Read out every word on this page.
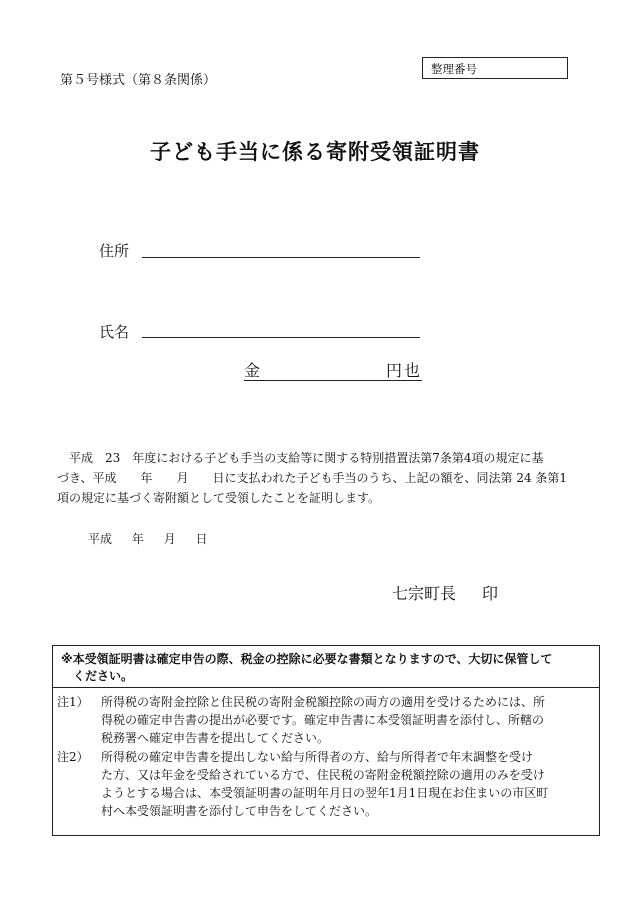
第５号様式（第８条関係）
整理番号
子ども手当に係る寄附受領証明書
住所
氏名
金	円也
　平成　23　年度における子ども手当の支給等に関する特別措置法第7条第4項の規定に基
づき、平成　　年　　月　　日に支払われた子ども手当のうち、上記の額を、同法第 24 条第1
項の規定に基づく寄附額として受領したことを証明します。
平成 年 月 日
七宗町長 印
※本受領証明書は確定申告の際、税金の控除に必要な書類となりますので、大切に保管して
　ください。
注1） 所得税の寄附金控除と住民税の寄附金税額控除の両方の適用を受けるためには、所
得税の確定申告書の提出が必要です。確定申告書に本受領証明書を添付し、所轄の
税務署へ確定申告書を提出してください。
注2） 所得税の確定申告書を提出しない給与所得者の方、給与所得者で年末調整を受け
た方、又は年金を受給されている方で、住民税の寄附金税額控除の適用のみを受け
ようとする場合は、本受領証明書の証明年月日の翌年1月1日現在お住まいの市区町
村へ本受領証明書を添付して申告をしてください。
